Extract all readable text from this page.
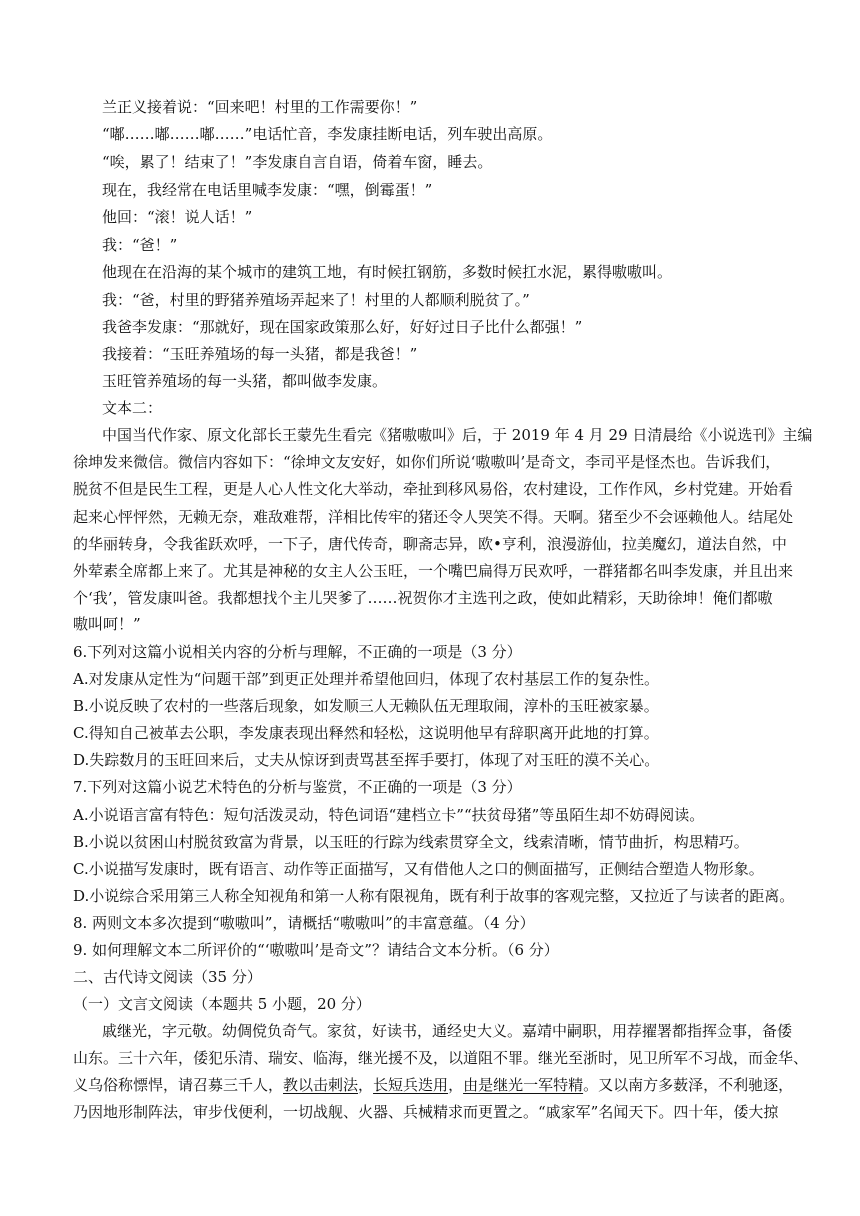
兰正义接着说：“回来吧！村里的工作需要你！”
“嘟……嘟……嘟……”电话忙音，李发康挂断电话，列车驶出高原。
“唉，累了！结束了！”李发康自言自语，倚着车窗，睡去。
现在，我经常在电话里喊李发康：“嘿，倒霉蛋！”
他回：“滚！说人话！”
我：“爸！”
他现在在沿海的某个城市的建筑工地，有时候扛钢筋，多数时候扛水泥，累得嗷嗷叫。
我：“爸，村里的野猪养殖场弄起来了！村里的人都顺利脱贫了。”
我爸李发康：“那就好，现在国家政策那么好，好好过日子比什么都强！”
我接着：“玉旺养殖场的每一头猪，都是我爸！”
玉旺管养殖场的每一头猪，都叫做李发康。
文本二：
中国当代作家、原文化部长王蒙先生看完《猪嗷嗷叫》后，于 2019 年 4 月 29 日清晨给《小说选刊》主编
徐坤发来微信。微信内容如下：“徐坤文友安好，如你们所说‘嗷嗷叫’是奇文，李司平是怪杰也。告诉我们，
脱贫不但是民生工程，更是人心人性文化大举动，牵扯到移风易俗，农村建设，工作作风，乡村党建。开始看
起来心怦怦然，无赖无奈，难敌难帮，洋相比传牢的猪还令人哭笑不得。天啊。猪至少不会诬赖他人。结尾处
的华丽转身，令我雀跃欢呼，一下子，唐代传奇，聊斋志异，欧•亨利，浪漫游仙，拉美魔幻，道法自然，中
外荤素全席都上来了。尤其是神秘的女主人公玉旺，一个嘴巴扁得万民欢呼，一群猪都名叫李发康，并且出来
个‘我’，管发康叫爸。我都想找个主儿哭爹了……祝贺你才主选刊之政，使如此精彩，天助徐坤！俺们都嗷
嗷叫呵！”
6.下列对这篇小说相关内容的分析与理解，不正确的一项是（3 分）
A.对发康从定性为“问题干部”到更正处理并希望他回归，体现了农村基层工作的复杂性。
B.小说反映了农村的一些落后现象，如发顺三人无赖队伍无理取闹，淳朴的玉旺被家暴。
C.得知自己被革去公职，李发康表现出释然和轻松，这说明他早有辞职离开此地的打算。
D.失踪数月的玉旺回来后，丈夫从惊讶到责骂甚至挥手要打，体现了对玉旺的漠不关心。
7.下列对这篇小说艺术特色的分析与鉴赏，不正确的一项是（3 分）
A.小说语言富有特色：短句活泼灵动，特色词语“建档立卡”“扶贫母猪”等虽陌生却不妨碍阅读。
B.小说以贫困山村脱贫致富为背景，以玉旺的行踪为线索贯穿全文，线索清晰，情节曲折，构思精巧。
C.小说描写发康时，既有语言、动作等正面描写，又有借他人之口的侧面描写，正侧结合塑造人物形象。
D.小说综合采用第三人称全知视角和第一人称有限视角，既有利于故事的客观完整，又拉近了与读者的距离。
8. 两则文本多次提到“嗷嗷叫”，请概括“嗷嗷叫”的丰富意蕴。（4 分）
9. 如何理解文本二所评价的“‘嗷嗷叫’是奇文”？请结合文本分析。（6 分）
二、古代诗文阅读（35 分）
（一）文言文阅读（本题共 5 小题，20 分）
戚继光，字元敬。幼倜傥负奇气。家贫，好读书，通经史大义。嘉靖中嗣职，用荐擢署都指挥佥事，备倭
山东。三十六年，倭犯乐清、瑞安、临海，继光援不及，以道阻不罪。继光至浙时，见卫所军不习战，而金华、
义乌俗称慓悍，请召募三千人，教以击刺法，长短兵迭用，由是继光一军特精。又以南方多薮泽，不利驰逐，
乃因地形制阵法，审步伐便利，一切战舰、火器、兵械精求而更置之。“戚家军”名闻天下。四十年，倭大掠
